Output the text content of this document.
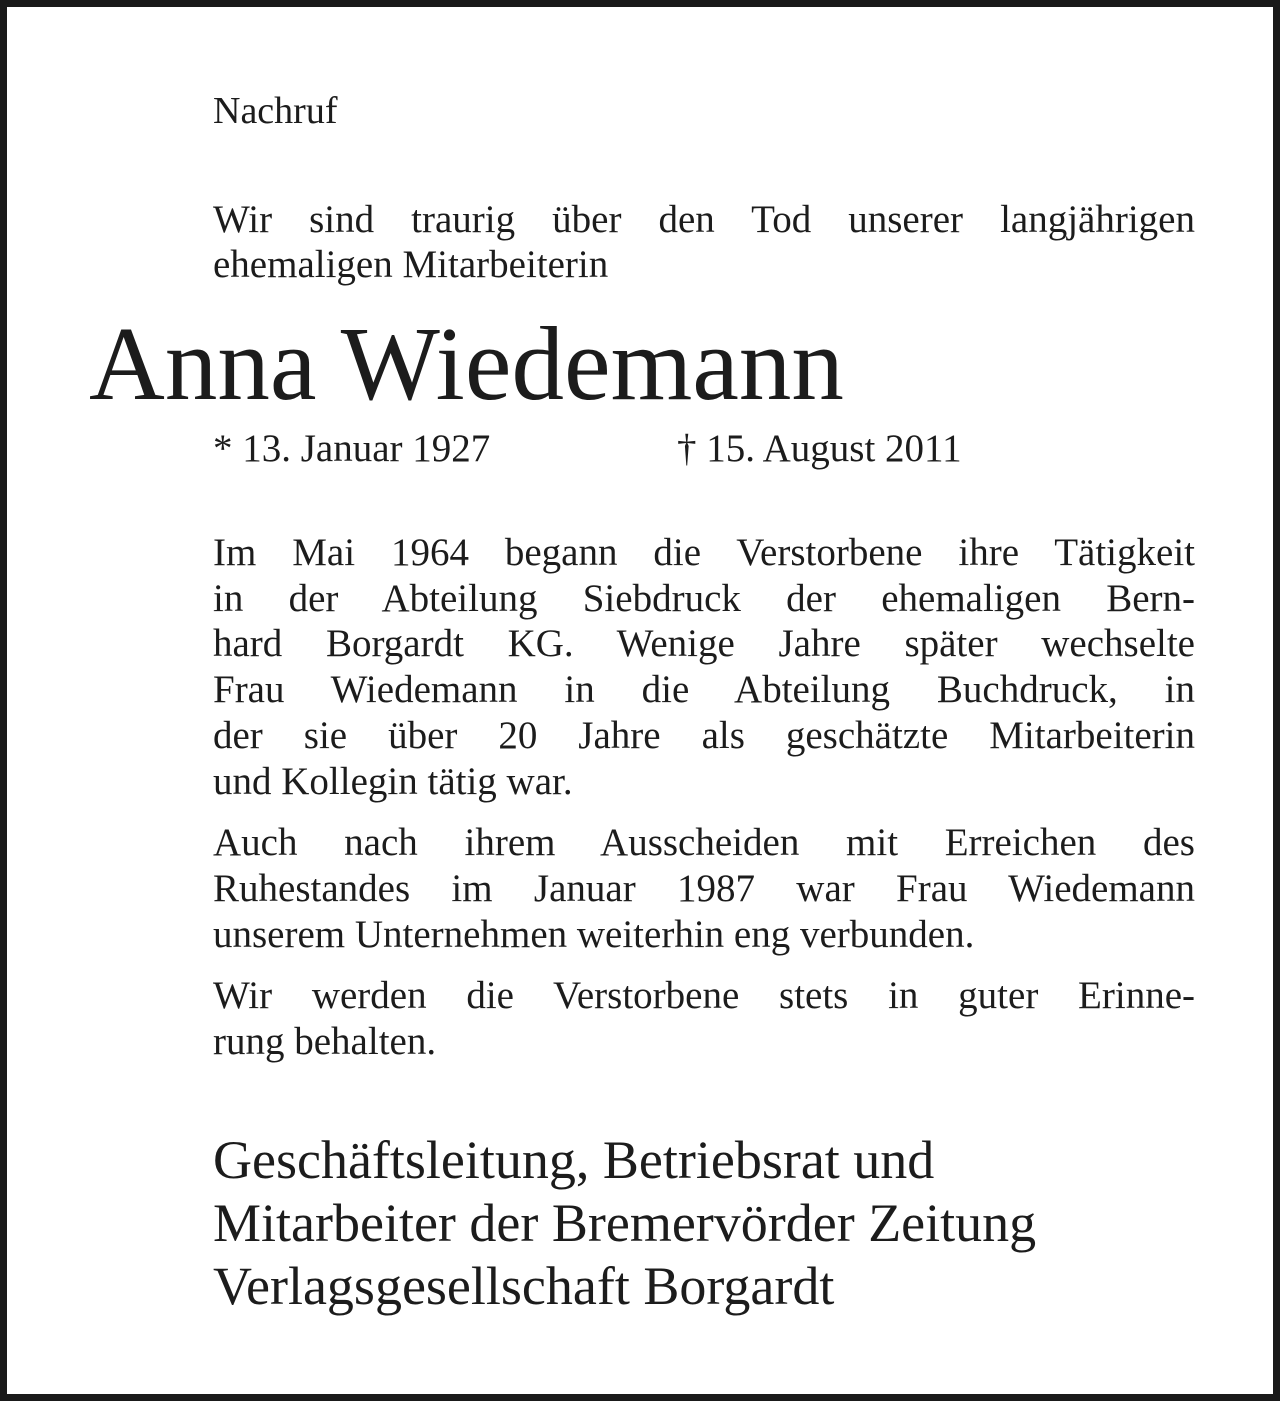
Nachruf
Wir sind traurig über den Tod unserer langjährigen
ehemaligen Mitarbeiterin
Anna Wiedemann
* 13. Januar 1927	† 15. August 2011

Im Mai 1964 begann die Verstorbene ihre Tätigkeit
in der Abteilung Siebdruck der ehemaligen Bern-
hard Borgardt KG. Wenige Jahre später wechselte
Frau Wiedemann in die Abteilung Buchdruck, in
der sie über 20 Jahre als geschätzte Mitarbeiterin
und Kollegin tätig war.

Auch nach ihrem Ausscheiden mit Erreichen des
Ruhestandes im Januar 1987 war Frau Wiedemann
unserem Unternehmen weiterhin eng verbunden.

Wir werden die Verstorbene stets in guter Erinne-
rung behalten.

Geschäftsleitung, Betriebsrat und
Mitarbeiter der Bremervörder Zeitung
Verlagsgesellschaft Borgardt
